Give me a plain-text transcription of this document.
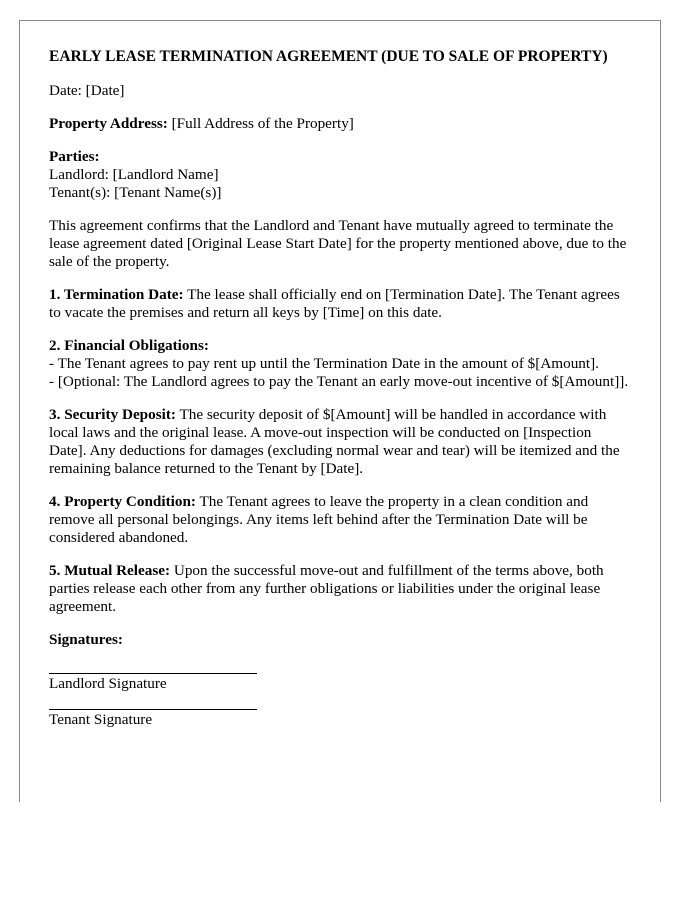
EARLY LEASE TERMINATION AGREEMENT (DUE TO SALE OF PROPERTY)
Date: [Date]
Property Address: [Full Address of the Property]
Parties:
Landlord: [Landlord Name]
Tenant(s): [Tenant Name(s)]
This agreement confirms that the Landlord and Tenant have mutually agreed to terminate the lease agreement dated [Original Lease Start Date] for the property mentioned above, due to the sale of the property.
1. Termination Date: The lease shall officially end on [Termination Date]. The Tenant agrees to vacate the premises and return all keys by [Time] on this date.
2. Financial Obligations:
- The Tenant agrees to pay rent up until the Termination Date in the amount of $[Amount].
- [Optional: The Landlord agrees to pay the Tenant an early move-out incentive of $[Amount]].
3. Security Deposit: The security deposit of $[Amount] will be handled in accordance with local laws and the original lease. A move-out inspection will be conducted on [Inspection Date]. Any deductions for damages (excluding normal wear and tear) will be itemized and the remaining balance returned to the Tenant by [Date].
4. Property Condition: The Tenant agrees to leave the property in a clean condition and remove all personal belongings. Any items left behind after the Termination Date will be considered abandoned.
5. Mutual Release: Upon the successful move-out and fulfillment of the terms above, both parties release each other from any further obligations or liabilities under the original lease agreement.
Signatures:
Landlord Signature
Tenant Signature
